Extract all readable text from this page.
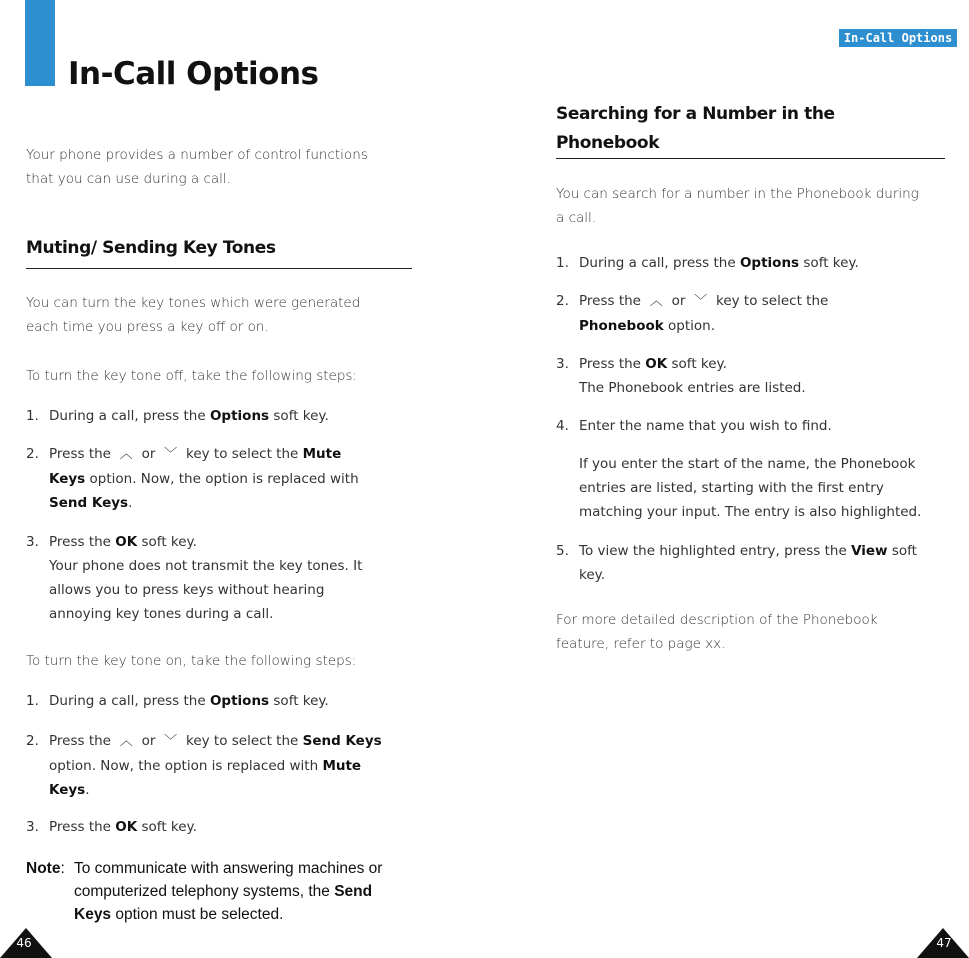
In-Call Options
In-Call Options
Your phone provides a number of control functions
that you can use during a call.
Muting/ Sending Key Tones
You can turn the key tones which were generated
each time you press a key off or on.
To turn the key tone off, take the following steps:
1. During a call, press the Options soft key.
2. Press the ︿ or ﹀ key to select the Mute
Keys option. Now, the option is replaced with
Send Keys.
3. Press the OK soft key.
Your phone does not transmit the key tones. It
allows you to press keys without hearing
annoying key tones during a call.
To turn the key tone on, take the following steps:
1. During a call, press the Options soft key.
2. Press the ︿ or ﹀ key to select the Send Keys
option. Now, the option is replaced with Mute
Keys.
3. Press the OK soft key.
Note: To communicate with answering machines or
computerized telephony systems, the Send
Keys option must be selected.
46
Searching for a Number in the
Phonebook
You can search for a number in the Phonebook during
a call.
1. During a call, press the Options soft key.
2. Press the ︿ or ﹀ key to select the
Phonebook option.
3. Press the OK soft key.
The Phonebook entries are listed.
4. Enter the name that you wish to find.
If you enter the start of the name, the Phonebook
entries are listed, starting with the first entry
matching your input. The entry is also highlighted.
5. To view the highlighted entry, press the View soft
key.
For more detailed description of the Phonebook
feature, refer to page xx.
47
